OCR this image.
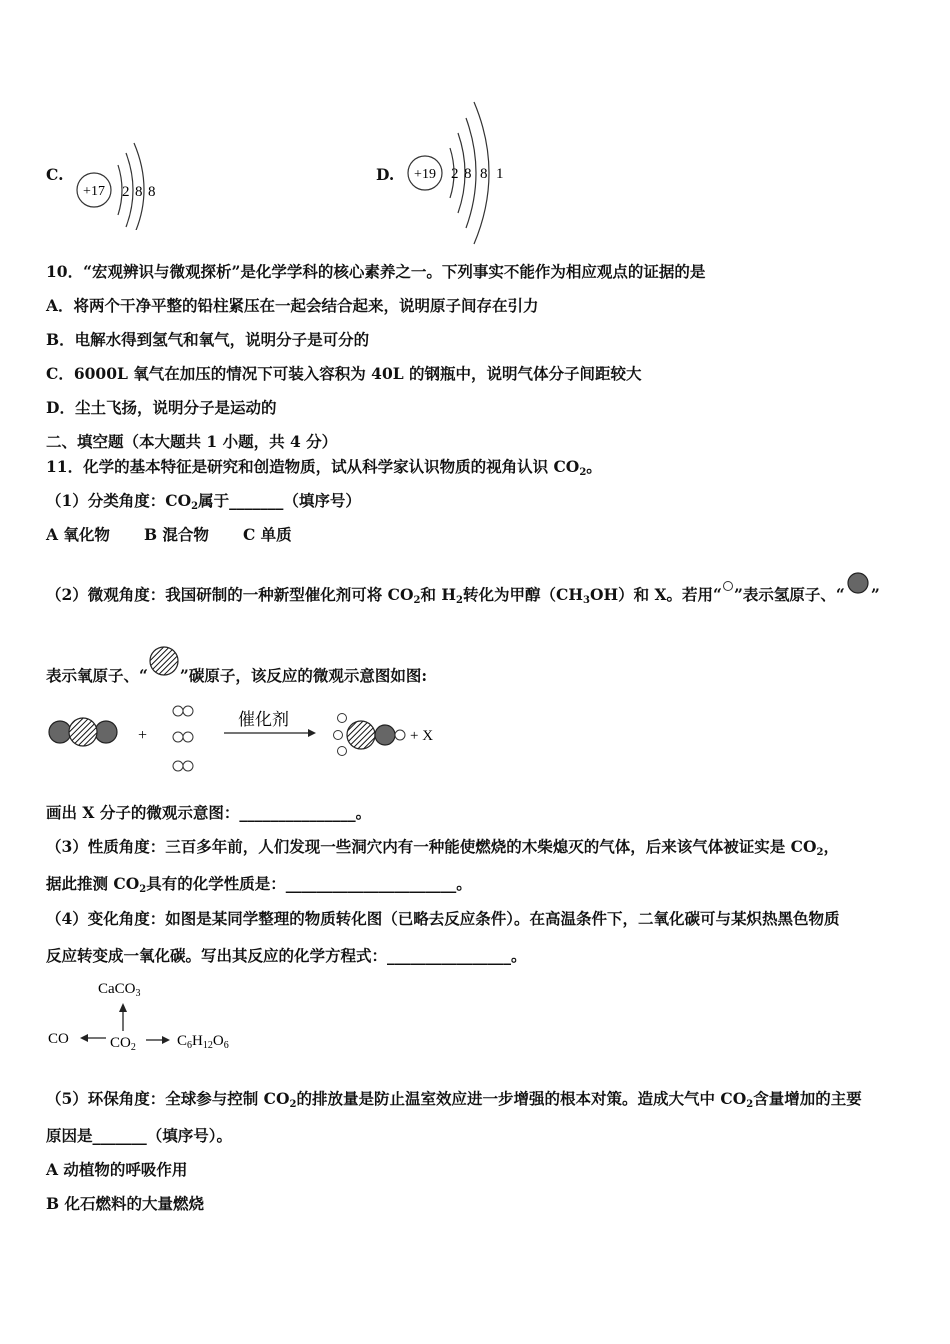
C.
+17 2 8 8
D. +19 2 8 8 1
10．“宏观辨识与微观探析”是化学学科的核心素养之一。下列事实不能作为相应观点的证据的是
A．将两个干净平整的铅柱紧压在一起会结合起来，说明原子间存在引力
B．电解水得到氢气和氧气，说明分子是可分的
C．6000L 氧气在加压的情况下可装入容积为 40L 的钢瓶中，说明气体分子间距较大
D．尘土飞扬，说明分子是运动的
二、填空题（本大题共 1 小题，共 4 分）
11．化学的基本特征是研究和创造物质，试从科学家认识物质的视角认识 $CO_2$。
（1）分类角度：$CO_2$属于_______（填序号）
A 氧化物 B 混合物 C 单质
（2）微观角度：我国研制的一种新型催化剂可将 $CO_2$和 $H_2$转化为甲醇$(CH_3OH)$和 X。若用“ ”表示氢原子、“ ”
表示氧原子、“ ”碳原子，该反应的微观示意图如图:
+
催化剂
+ X
画出 X 分子的微观示意图：_______________。
（3）性质角度：三百多年前，人们发现一些洞穴内有一种能使燃烧的木柴熄灭的气体，后来该气体被证实是 $CO_2$，
据此推测 $CO_2$具有的化学性质是：______________________。
（4）变化角度：如图是某同学整理的物质转化图（已略去反应条件）。在高温条件下，二氧化碳可与某炽热黑色物质
反应转变成一氧化碳。写出其反应的化学方程式：________________。
CaCO$_3$
CO	$CO_2$	$C_6H_{12}O_6$
（5）环保角度：全球参与控制 $CO_2$的排放量是防止温室效应进一步增强的根本对策。造成大气中 $CO_2$含量增加的主要
原因是_______（填序号）。
A 动植物的呼吸作用
B 化石燃料的大量燃烧
